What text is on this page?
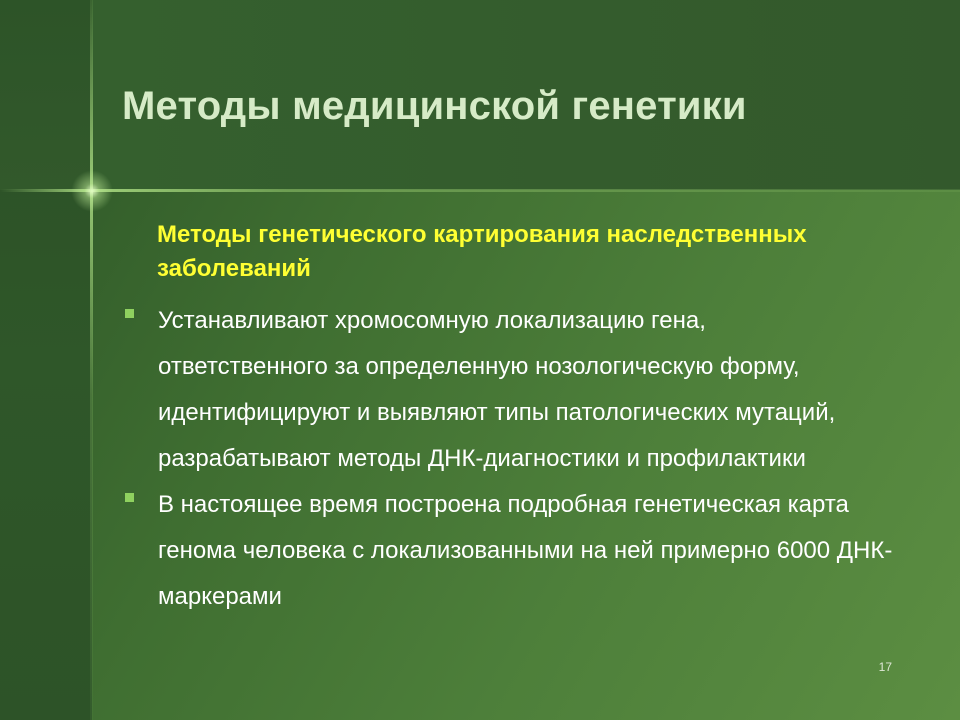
Методы медицинской генетики
Методы генетического картирования наследственных заболеваний
Устанавливают хромосомную локализацию гена, ответственного за определенную нозологическую форму, идентифицируют и выявляют типы патологических мутаций, разрабатывают методы ДНК-диагностики и профилактики
В настоящее время построена подробная генетическая карта генома человека с локализованными на ней примерно 6000 ДНК-маркерами
17
